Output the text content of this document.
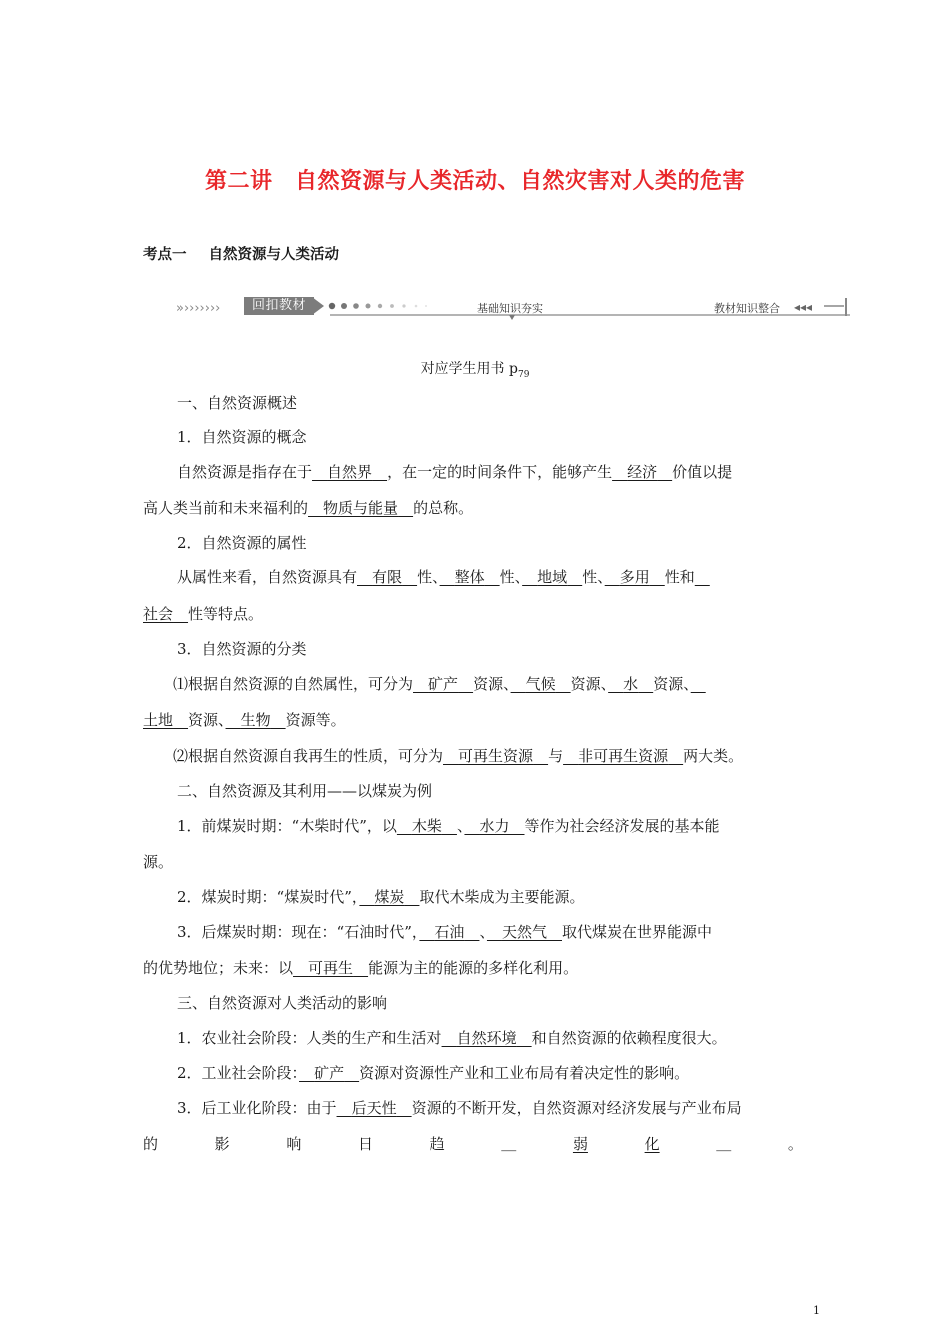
第二讲　自然资源与人类活动、自然灾害对人类的危害
考点一 自然资源与人类活动
»›››››››	◂◂◂
回扣教材	基础知识夯实	教材知识整合
对应学生用书 $p_{79}$
一、自然资源概述
1．自然资源的概念
自然资源是指存在于　 自然界　 ，在一定的时间条件下，能够产生　 经济　 价值以提
高人类当前和未来福利的　 物质与能量　 的总称。
2．自然资源的属性
从属性来看，自然资源具有　 有限　 性、　 整体　 性、　 地域　 性、　 多用　 性和　
社会　 性等特点。
3．自然资源的分类
⑴根据自然资源的自然属性，可分为　 矿产　 资源、　 气候　 资源、　 水　 资源、　
土地　 资源、　 生物　 资源等。
⑵根据自然资源自我再生的性质，可分为　 可再生资源　 与　 非可再生资源　 两大类。
二、自然资源及其利用——以煤炭为例
1．前煤炭时期：“木柴时代”，以　 木柴　 、　 水力　 等作为社会经济发展的基本能
源。
2．煤炭时期：“煤炭时代”，　 煤炭　 取代木柴成为主要能源。
3．后煤炭时期：现在：“石油时代”，　 石油　 、　 天然气　 取代煤炭在世界能源中
的优势地位；未来：以　 可再生　 能源为主的能源的多样化利用。
三、自然资源对人类活动的影响
1．农业社会阶段：人类的生产和生活对　 自然环境　 和自然资源的依赖程度很大。
2．工业社会阶段：　 矿产　 资源对资源性产业和工业布局有着决定性的影响。
3．后工业化阶段：由于　 后天性　 资源的不断开发，自然资源对经济发展与产业布局
的	影	响	日	趋	＿	弱	化	＿	。
1
